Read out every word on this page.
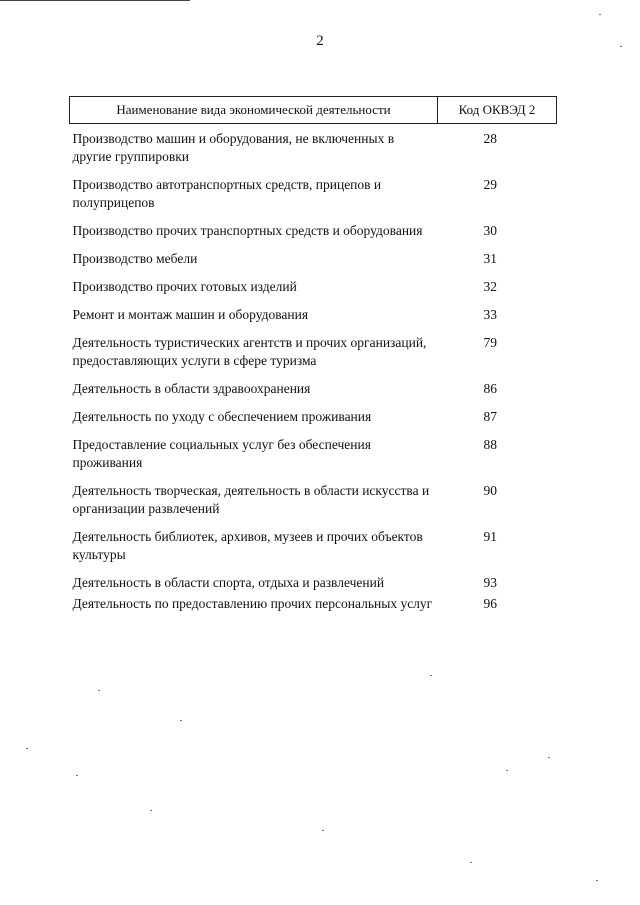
2
Наименование вида экономической деятельности	Код ОКВЭД 2
Производство машин и оборудования, не включенных в другие группировки	28
Производство автотранспортных средств, прицепов и полуприцепов	29
Производство прочих транспортных средств и оборудования	30
Производство мебели	31
Производство прочих готовых изделий	32
Ремонт и монтаж машин и оборудования	33
Деятельность туристических агентств и прочих организаций, предоставляющих услуги в сфере туризма	79
Деятельность в области здравоохранения	86
Деятельность по уходу с обеспечением проживания	87
Предоставление социальных услуг без обеспечения проживания	88
Деятельность творческая, деятельность в области искусства и организации развлечений	90
Деятельность библиотек, архивов, музеев и прочих объектов культуры	91
Деятельность в области спорта, отдыха и развлечений	93
Деятельность по предоставлению прочих персональных услуг	96
